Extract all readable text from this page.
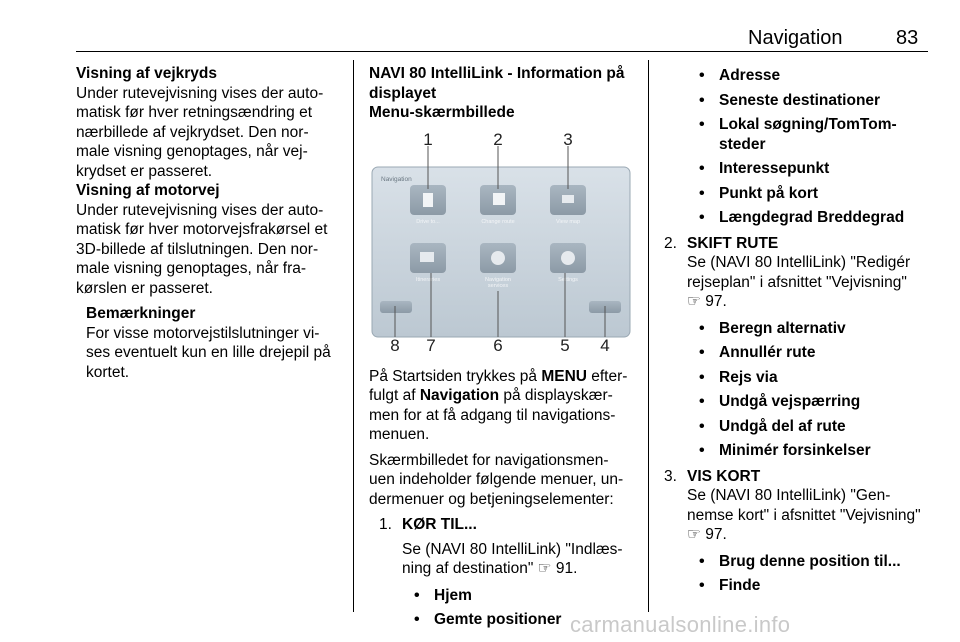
Navigation	83

Visning af vejkryds

Under rutevejvisning vises der auto-

matisk før hver retningsændring et

nærbillede af vejkrydset. Den nor-

male visning genoptages, når vej-

krydset er passeret.

Visning af motorvej

Under rutevejvisning vises der auto-

matisk før hver motorvejsfrakørsel et

3D-billede af tilslutningen. Den nor-

male visning genoptages, når fra-

kørslen er passeret.

Bemærkninger

For visse motorvejstilslutninger vi-

ses eventuelt kun en lille drejepil på

kortet.

NAVI 80 IntelliLink - Information på

displayet

Menu-skærmbillede

Navigation
Drive to...	Change route	View map
Itineraries	Navigation
services
Settings
1	2	3
8 7	6	5 4

På Startsiden trykkes på MENU efter-

fulgt af Navigation på displayskær-

men for at få adgang til navigations-

menuen.

Skærmbilledet for navigationsmen-

uen indeholder følgende menuer, un-

dermenuer og betjeningselementer:

1. KØR TIL...

Se (NAVI 80 IntelliLink) "Indlæs-

ning af destination" ☞ 91.

• Hjem
• Gemte positioner
• Adresse
• Seneste destinationer
• Lokal søgning/TomTom-
steder
• Interessepunkt
• Punkt på kort
• Længdegrad Breddegrad
2. SKIFT RUTE

Se (NAVI 80 IntelliLink) "Redigér

rejseplan" i afsnittet "Vejvisning"

☞ 97.

• Beregn alternativ
• Annullér rute
• Rejs via
• Undgå vejspærring
• Undgå del af rute
• Minimér forsinkelser
3. VIS KORT

Se (NAVI 80 IntelliLink) "Gen-

nemse kort" i afsnittet "Vejvisning"

☞ 97.

• Brug denne position til...
• Finde
carmanualsonline.info
